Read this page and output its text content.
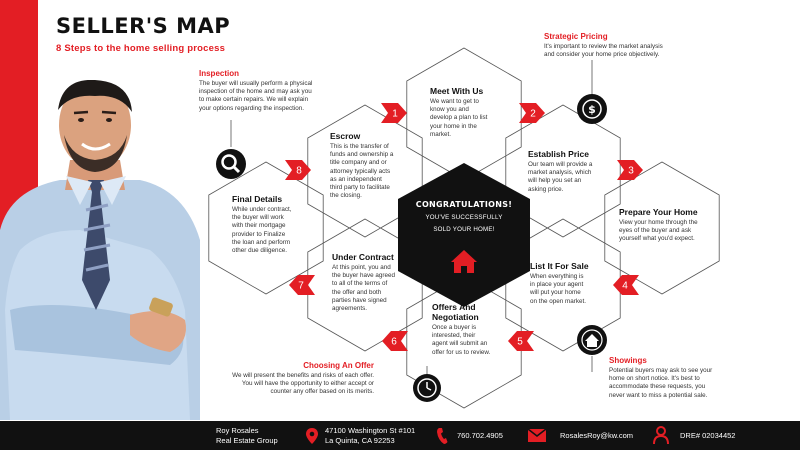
SELLER'S MAP
8 Steps to the home selling process
1	2
3
4
5
6
7
8
$
CONGRATULATIONS!
YOU'VE SUCCESSFULLY
SOLD YOUR HOME!
Meet With Us
We want to get to
know you and
develop a plan to list
your home in the
market.
Establish Price
Our team will provide a
market analysis, which
will help you set an
asking price.
Prepare Your Home
View your home through the
eyes of the buyer and ask
yourself what you'd expect.
List It For Sale
When everything is
in place your agent
will put your home
on the open market.
Offers And
Negotiation
Once a buyer is
interested, their
agent will submit an
offer for us to review.
Under Contract
At this point, you and
the buyer have agreed
to all of the terms of
the offer and both
parties have signed
agreements.
Final Details
While under contract,
the buyer will work
with their mortgage
provider to Finalize
the loan and perform
other due diligence.
Escrow
This is the transfer of
funds and ownership a
title company and or
attorney typically acts
as an independent
third party to facilitate
the closing.
Inspection
The buyer will usually perform a physical
inspection of the home and may ask you
to make certain repairs. We will explain
your options regarding the inspection.
Strategic Pricing
It's important to review the market analysis
and consider your home price objectively.
Choosing An Offer
We will present the benefits and risks of each offer.
You will have the opportunity to either accept or
counter any offer based on its merits.
Showings
Potential buyers may ask to see your
home on short notice. It's best to
accommodate these requests, you
never want to miss a potential sale.
Roy Rosales
Real Estate Group
47100 Washington St #101
La Quinta, CA 92253
760.702.4905	RosalesRoy@kw.com	DRE# 02034452
